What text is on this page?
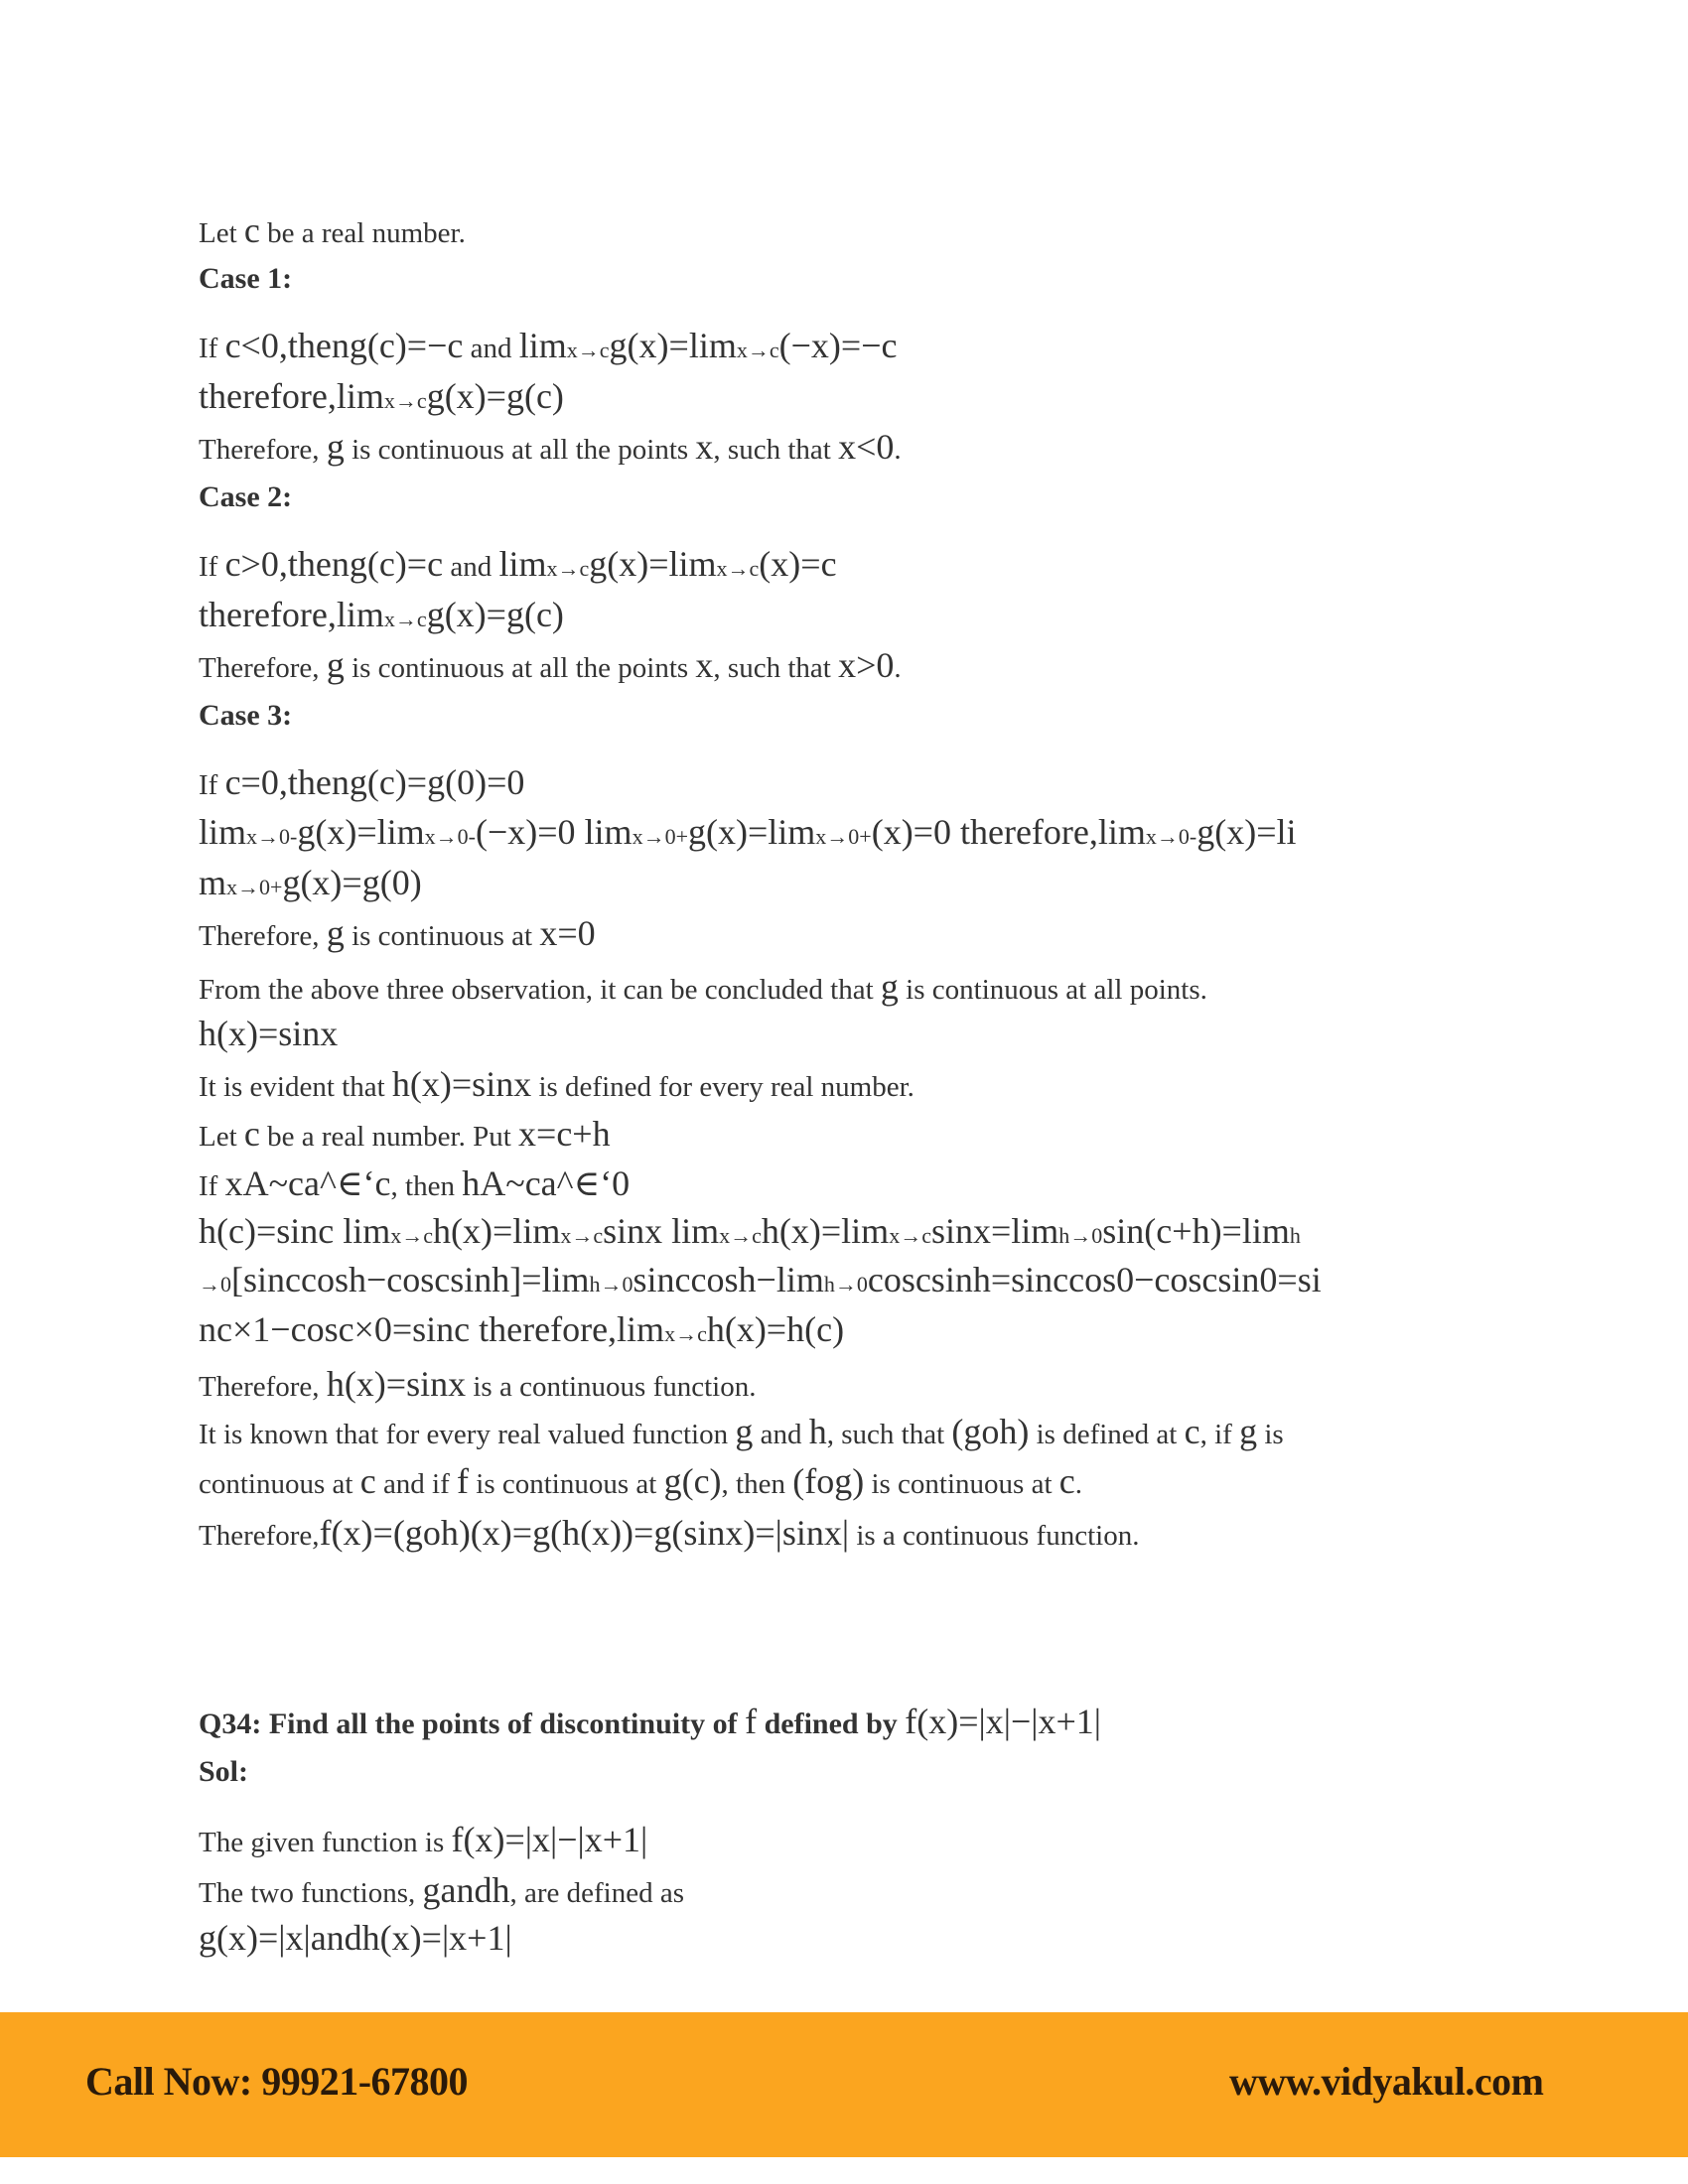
Let c be a real number.
Case 1:
If c<0,theng(c)=−c and limx→cg(x)=limx→c(−x)=−c
therefore,limx→cg(x)=g(c)
Therefore, g is continuous at all the points x, such that x<0.
Case 2:
If c>0,theng(c)=c and limx→cg(x)=limx→c(x)=c
therefore,limx→cg(x)=g(c)
Therefore, g is continuous at all the points x, such that x>0.
Case 3:
If c=0,theng(c)=g(0)=0
limx→0-g(x)=limx→0-(−x)=0 limx→0+g(x)=limx→0+(x)=0 therefore,limx→0-g(x)=li
mx→0+g(x)=g(0)
Therefore, g is continuous at x=0
From the above three observation, it can be concluded that g is continuous at all points.
h(x)=sinx
It is evident that h(x)=sinx is defined for every real number.
Let c be a real number. Put x=c+h
If xA~ca^∈‘c, then hA~ca^∈‘0
h(c)=sinc limx→ch(x)=limx→csinx limx→ch(x)=limx→csinx=limh→0sin(c+h)=limh
→0[sinccosh−coscsinh]=limh→0sinccosh−limh→0coscsinh=sinccos0−coscsin0=si
nc×1−cosc×0=sinc therefore,limx→ch(x)=h(c)
Therefore, h(x)=sinx is a continuous function.
It is known that for every real valued function g and h, such that (goh) is defined at c, if g is
continuous at c and if f is continuous at g(c), then (fog) is continuous at c.
Therefore,f(x)=(goh)(x)=g(h(x))=g(sinx)=|sinx| is a continuous function.
Q34: Find all the points of discontinuity of f defined by f(x)=|x|−|x+1|
Sol:
The given function is f(x)=|x|−|x+1|
The two functions, gandh, are defined as
g(x)=|x|andh(x)=|x+1|
Call Now: 99921-67800	www.vidyakul.com
